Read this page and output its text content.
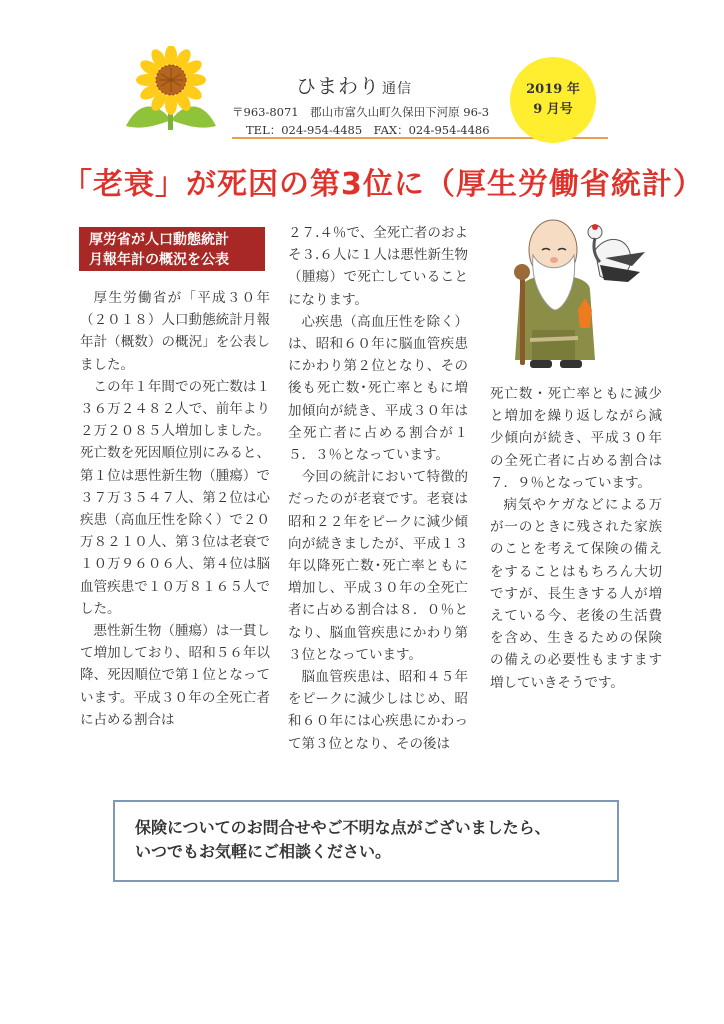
ひまわり 通信
〒963-8071　郡山市富久山町久保田下河原 96-3
TEL：024-954-4485　FAX：024-954-4486
2019 年
9 月号
「老衰」が死因の第3位に（厚生労働省統計）
厚労省が人口動態統計
月報年計の概況を公表

厚生労働省が「平成３０年（２０１８）人口動態統計月報年計（概数）の概況」を公表しました。

この年１年間での死亡数は１３６万２４８２人で、前年より２万２０８５人増加しました。死亡数を死因順位別にみると、第１位は悪性新生物（腫瘍）で３７万３５４７人、第２位は心疾患（高血圧性を除く）で２０万８２１０人、第３位は老衰で１０万９６０６人、第４位は脳血管疾患で１０万８１６５人でした。

悪性新生物（腫瘍）は一貫して増加しており、昭和５６年以降、死因順位で第１位となっています。平成３０年の全死亡者に占める割合は

２７.４％で、全死亡者のおよそ３.６人に１人は悪性新生物（腫瘍）で死亡していることになります。

心疾患（高血圧性を除く）は、昭和６０年に脳血管疾患にかわり第２位となり、その後も死亡数･死亡率ともに増加傾向が続き、平成３０年は全死亡者に占める割合が１５．３％となっています。

今回の統計において特徴的だったのが老衰です。老衰は昭和２２年をピークに減少傾向が続きましたが、平成１３年以降死亡数･死亡率ともに増加し、平成３０年の全死亡者に占める割合は８．０％となり、脳血管疾患にかわり第３位となっています。

脳血管疾患は、昭和４５年をピークに減少しはじめ、昭和６０年には心疾患にかわって第３位となり、その後は

死亡数・死亡率ともに減少と増加を繰り返しながら減少傾向が続き、平成３０年の全死亡者に占める割合は７．９％となっています。

病気やケガなどによる万が一のときに残された家族のことを考えて保険の備えをすることはもちろん大切ですが、長生きする人が増えている今、老後の生活費を含め、生きるための保険の備えの必要性もますます増していきそうです。

保険についてのお問合せやご不明な点がございましたら、
いつでもお気軽にご相談ください。
